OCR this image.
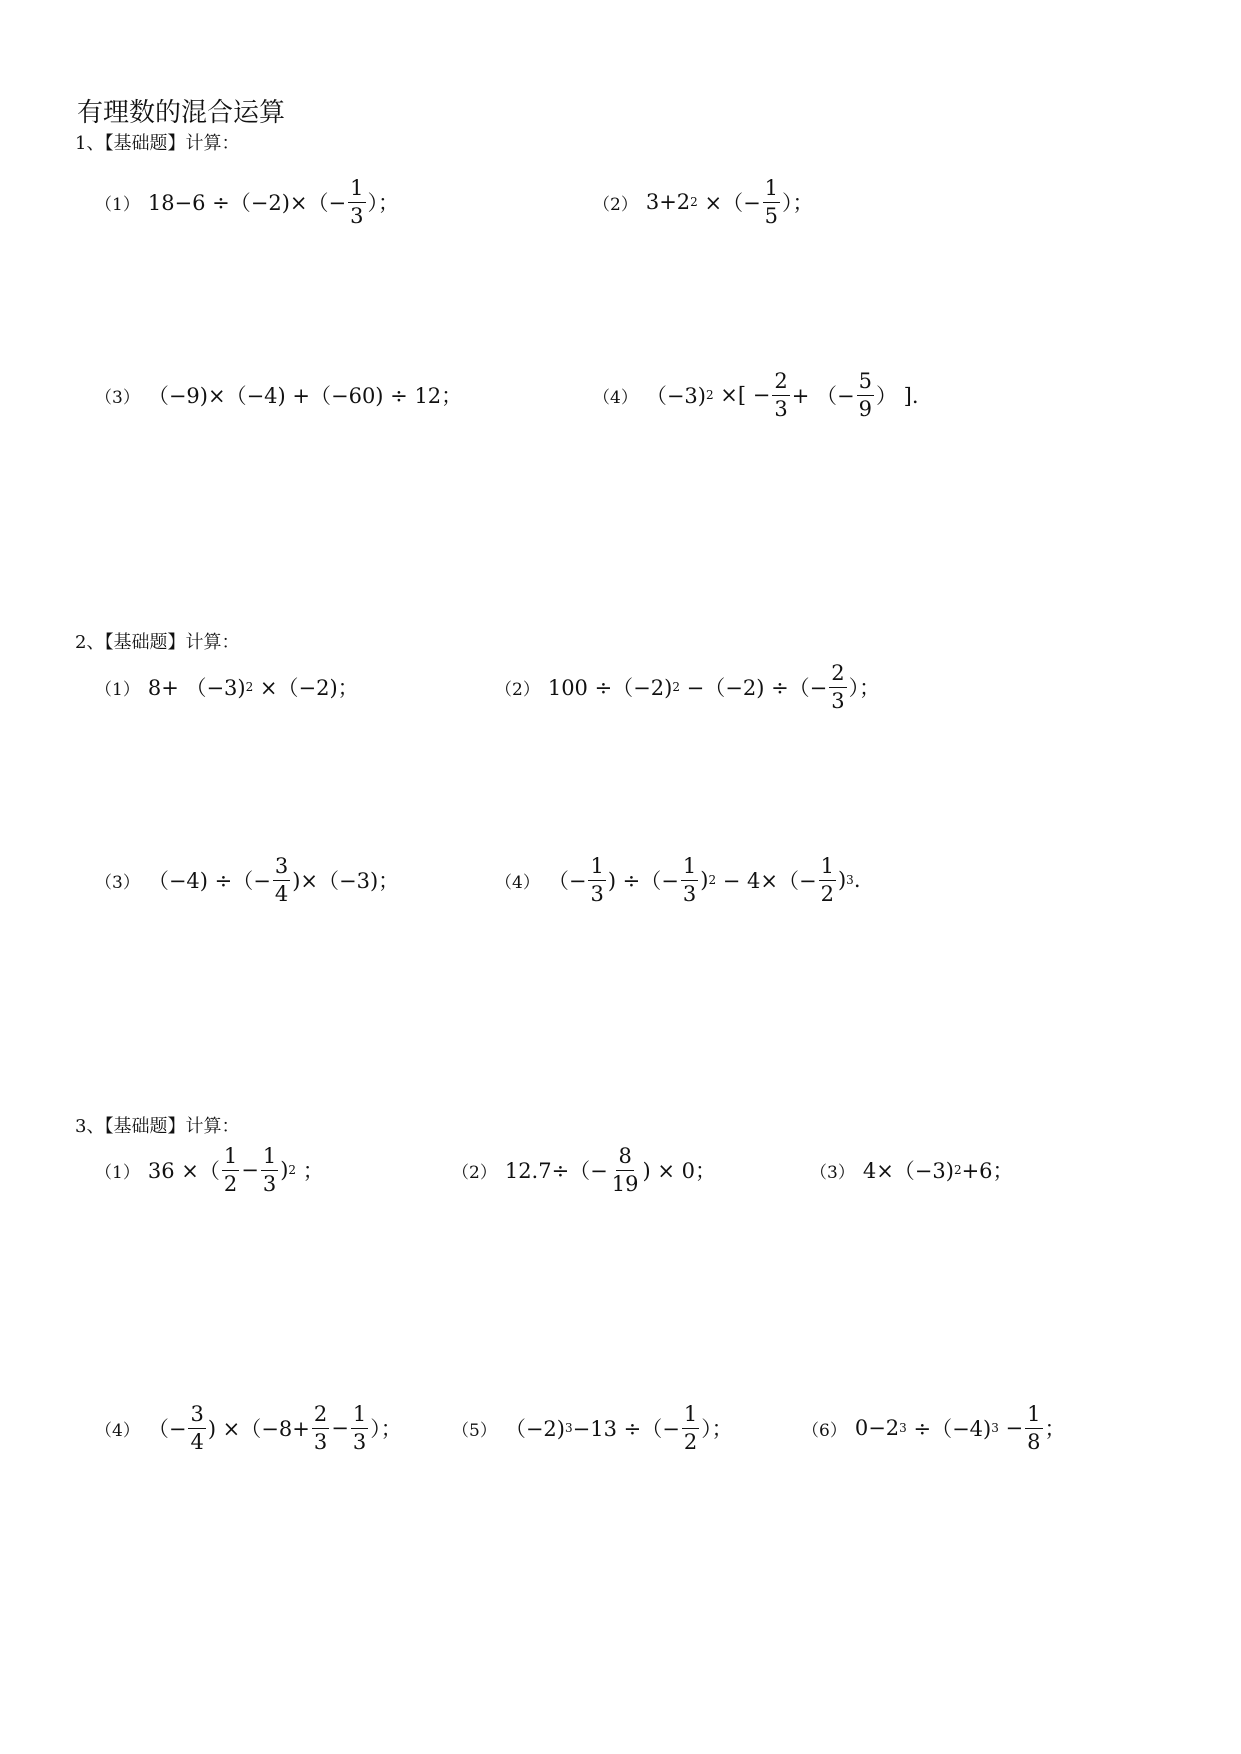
有理数的混合运算
1、【基础题】计算：
（1） $18-6 \div(-2)\times(- \frac{1}{3}$ ）；	（2） 3+2 2 ×（− $\frac{1}{5}$ ）；
（3） （−9)×（−4) +（−60) ÷ 12；	（4） （−3) 2 ×[ − $\frac{2}{3}$ + （− $\frac{5}{9}$ ） ].
2、【基础题】计算：
（1） 8+ （−3) 2 ×（−2)；	（2） 100 ÷（−2) 2 −（−2) ÷（− $\frac{2}{3}$ ）；
（3） （−4) ÷（− $\frac{3}{4} )\times(-3)$；	（4） （− $\frac{1}{3}$ ) ÷（− $\frac{1}{3}$ ) $2 - 4\times(- \frac{1}{2}$ ) 3 .
3、【基础题】计算：
（1） 36 ×（ $\frac{1}{2} - \frac{1}{3}$ ) 2 ；	（2） $12.7\div(- \frac{8}{19}$ ) × 0；	（3） 4×（−3) 2 +6；
（4） （− $\frac{3}{4}$ ) $\times(-8+ \frac{2}{3} - \frac{1}{3}$ ）；	（5） （−2) 3 −13 ÷（− $\frac{1}{2}$ ）；	（6） 0−2 3 ÷（−4) $3 - \frac{1}{8}$ ；
